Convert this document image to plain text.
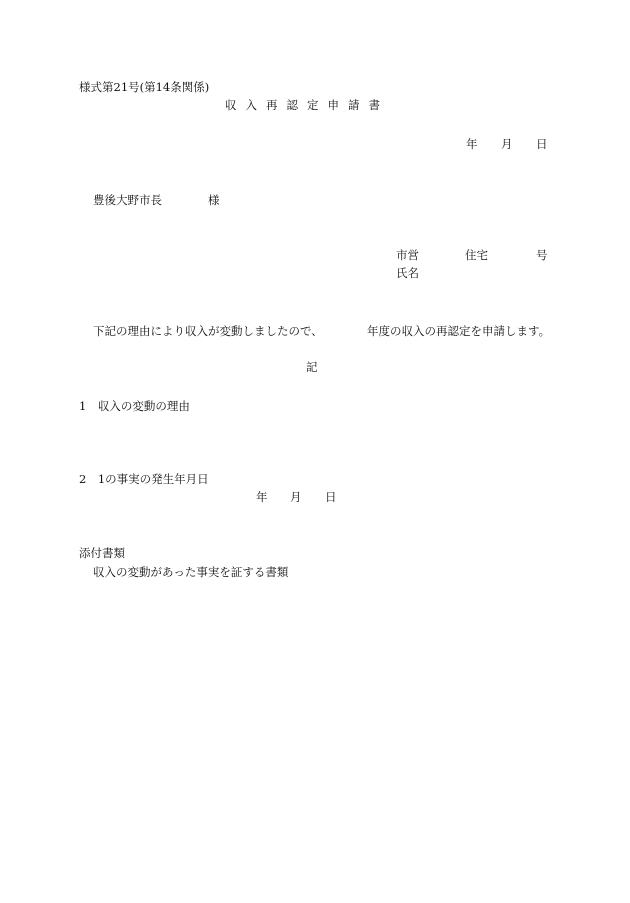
様式第21号(第14条関係)
収入再認定申請書
年 月 日
豊後大野市長	様
市営	住宅	号
氏名
下記の理由により収入が変動しましたので、	年度の収入の再認定を申請します。
記
1　収入の変動の理由
2　1の事実の発生年月日
年 月 日
添付書類
収入の変動があった事実を証する書類
